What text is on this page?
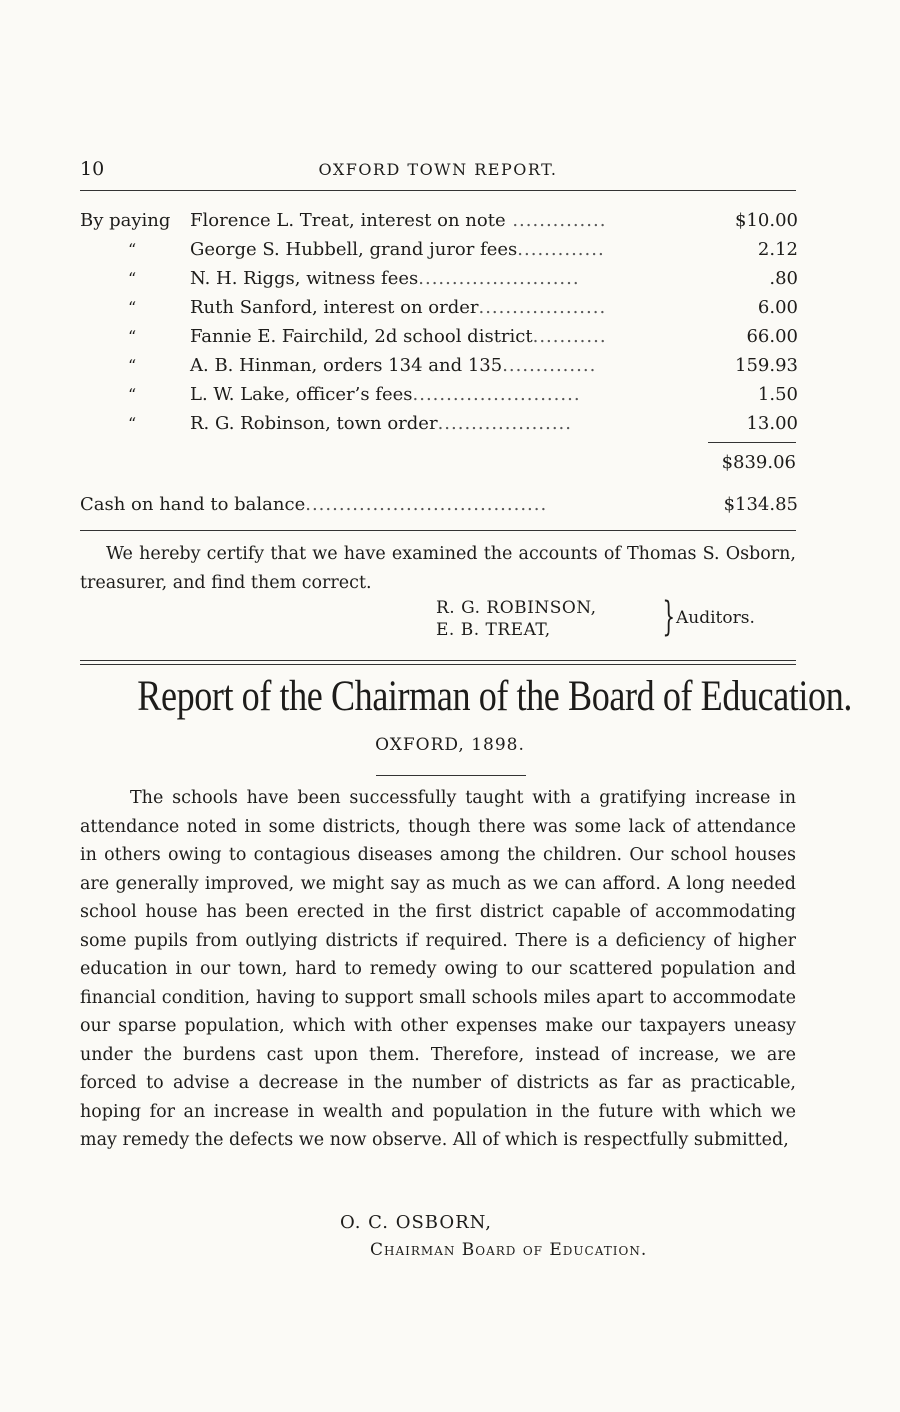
10	OXFORD TOWN REPORT.
By paying Florence L. Treat, interest on note ..............	$10.00
“	George S. Hubbell, grand juror fees.............	2.12
“	N. H. Riggs, witness fees........................	.80
“	Ruth Sanford, interest on order...................	6.00
“	Fannie E. Fairchild, 2d school district...........	66.00
“	A. B. Hinman, orders 134 and 135..............	159.93
“	L. W. Lake, officer’s fees.........................	1.50
“	R. G. Robinson, town order....................	13.00
$839.06
Cash on hand to balance....................................	$134.85
We hereby certify that we have examined the accounts of Thomas S. Osborn, treasurer, and find them correct.
R. G. ROBINSON,
E. B. TREAT,	} Auditors.
Report of the Chairman of the Board of Education.
OXFORD, 1898.

The schools have been successfully taught with a gratifying increase in attendance noted in some districts, though there was some lack of attendance in others owing to contagious diseases among the children. Our school houses are generally improved, we might say as much as we can afford. A long needed school house has been erected in the first district capable of accommodating some pupils from outlying districts if required. There is a deficiency of higher education in our town, hard to remedy owing to our scattered population and financial condition, having to support small schools miles apart to accommodate our sparse population, which with other expenses make our taxpayers uneasy under the burdens cast upon them. Therefore, instead of increase, we are forced to advise a decrease in the number of districts as far as practicable, hoping for an increase in wealth and population in the future with which we may remedy the defects we now observe. All of which is respectfully submitted,

O. C. OSBORN,
Chairman Board of Education.
